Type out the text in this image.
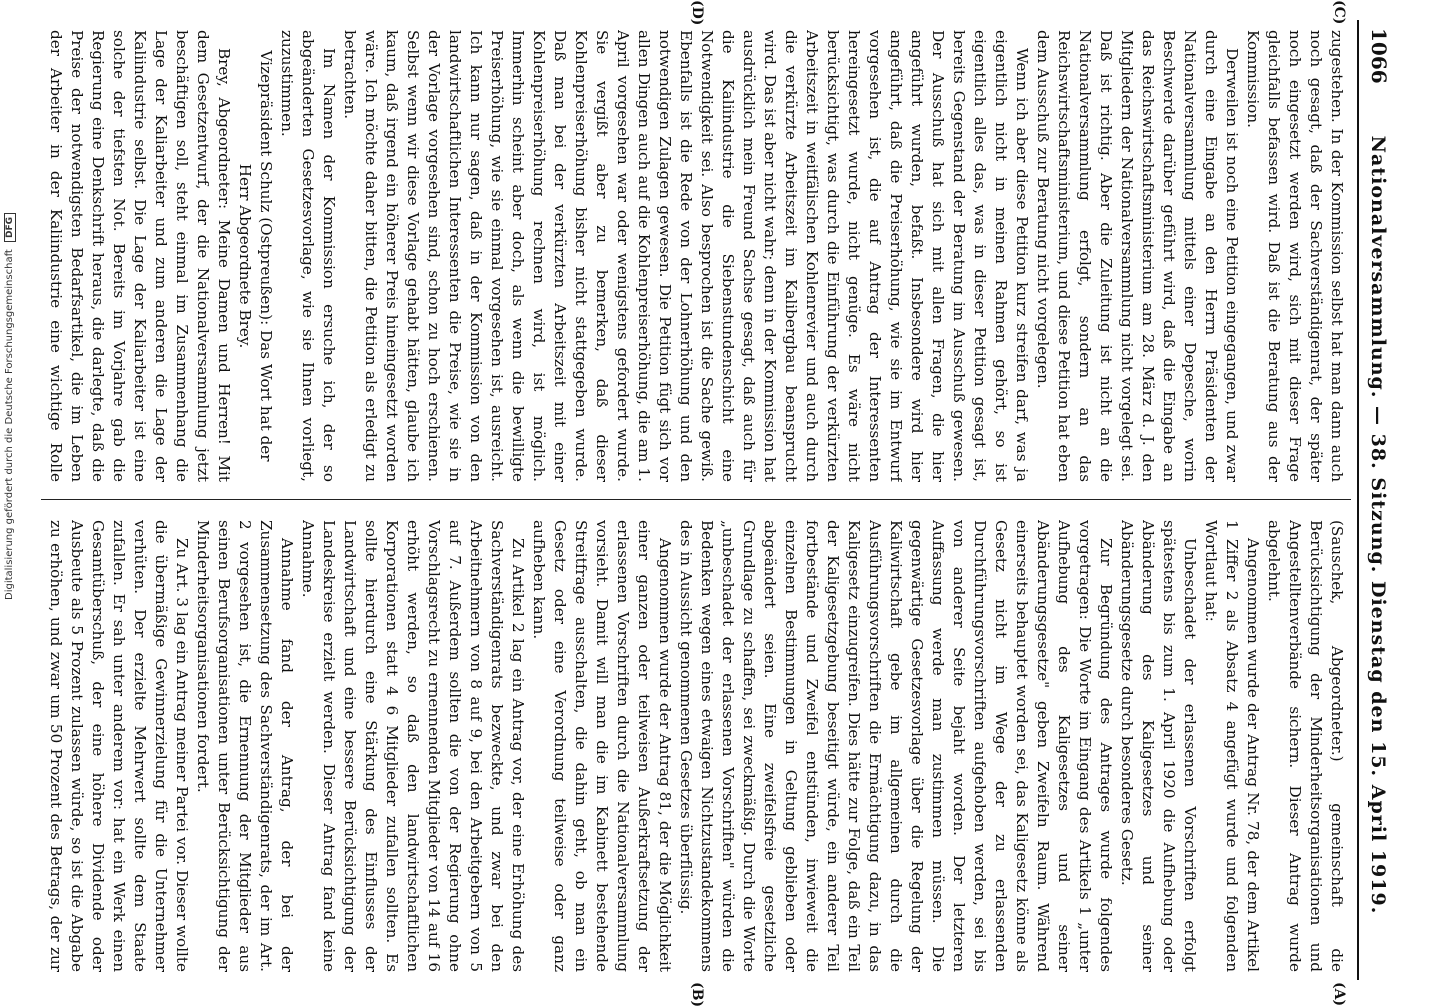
1066
Nationalversammlung. — 38. Sitzung. Dienstag den 15. April 1919.
(C)
(D)
(A)
(B)

zugestehen. In der Kommission selbst hat man dann auch noch gesagt, daß der Sachverständigenrat, der später noch eingesetzt werden wird, sich mit dieser Frage gleichfalls befassen wird. Daß ist die Beratung aus der Kommission.

Derweilen ist noch eine Petition eingegangen, und zwar durch eine Eingabe an den Herrn Präsidenten der Nationalversammlung mittels einer Depesche, worin Beschwerde darüber geführt wird, daß die Eingabe an das Reichswirtschaftsministerium am 28. März d. J. den Mitgliedern der Nationalversammlung nicht vorgelegt sei. Daß ist richtig. Aber die Zuleitung ist nicht an die Nationalversammlung erfolgt, sondern an das Reichswirtschaftsministerium, und diese Petition hat eben dem Ausschuß zur Beratung nicht vorgelegen.

Wenn ich aber diese Petition kurz streifen darf, was ja eigentlich nicht in meinen Rahmen gehört, so ist eigentlich alles das, was in dieser Petition gesagt ist, bereits Gegenstand der Beratung im Ausschuß gewesen. Der Ausschuß hat sich mit allen Fragen, die hier angeführt wurden, befaßt. Insbesondere wird hier angeführt, daß die Preiserhöhung, wie sie im Entwurf vorgesehen ist, die auf Antrag der Interessenten hereingesetzt wurde, nicht genüge. Es wäre nicht berücksichtigt, was durch die Einführung der verkürzten Arbeitszeit in weitfälischen Kohlenrevier und auch durch die verkürzte Arbeitszeit im Kalibergbau beansprucht wird. Das ist aber nicht wahr; denn in der Kommission hat ausdrücklich mein Freund Sachse gesagt, daß auch für die Kaliindustrie die Siebenstundenschicht eine Notwendigkeit sei. Also besprochen ist die Sache gewiß. Ebenfalls ist die Rede von der Lohnerhöhung und den notwendigen Zulagen gewesen. Die Petition fügt sich vor allen Dingen auch auf die Kohlenpreiserhöhung, die am 1. April vorgesehen war oder wenigstens gefordert wurde. Sie vergißt aber zu bemerken, daß dieser Kohlenpreiserhöhung bisher nicht stattgegeben wurde. Daß man bei der verkürzten Arbeitszeit mit einer Kohlenpreiserhöhung rechnen wird, ist möglich. Immerhin scheint aber doch, als wenn die bewilligte Preiserhöhung, wie sie einmal vorgesehen ist, ausreicht. Ich kann nur sagen, daß in der Kommission von den landwirtschaftlichen Interessenten die Preise, wie sie in der Vorlage vorgesehen sind, schon zu hoch erschienen. Selbst wenn wir diese Vorlage gehabt hätten, glaube ich kaum, daß irgend ein höherer Preis hineingesetzt worden wäre. Ich möchte daher bitten, die Petition als erledigt zu betrachten.

Im Namen der Kommission ersuche ich, der so abgeänderten Gesetzesvorlage, wie sie Ihnen vorliegt, zuzustimmen.

Vizepräsident Schulz (Ostpreußen): Das Wort hat der Herr Abgeordnete Brey.

Brey, Abgeordneter: Meine Damen und Herren! Mit dem Gesetzentwurf, der die Nationalversammlung jetzt beschäftigen soll, steht einmal im Zusammenhang die Lage der Kaliarbeiter und zum anderen die Lage der Kaliindustrie selbst. Die Lage der Kaliarbeiter ist eine solche der tiefsten Not. Bereits im Vorjahre gab die Regierung eine Denkschrift heraus, die darlegte, daß die Preise der notwendigsten Bedarfsartikel, die im Leben der Arbeiter in der Kaliindustrie eine wichtige Rolle

(Sauschek, Abgeordneter.) gemeinschaft die Berücksichtigung der Minderheitsorganisationen und Angestelltenverbände sichern. Dieser Antrag wurde abgelehnt.

Angenommen wurde der Antrag Nr. 78, der dem Artikel 1 Ziffer 2 als Absatz 4 angefügt wurde und folgenden Wortlaut hat:

Unbeschadet der erlassenen Vorschriften erfolgt spätestens bis zum 1. April 1920 die Aufhebung oder Abänderung des Kaligesetzes und seiner Abänderungsgesetze durch besonderes Gesetz.

Zur Begründung des Antrages wurde folgendes vorgetragen: Die Worte im Eingang des Artikels 1 „unter Aufhebung des Kaligesetzes und seiner Abänderungsgesetze" geben Zweifeln Raum. Während einerseits behauptet worden sei, das Kaligesetz könne als Gesetz nicht im Wege der zu erlassenden Durchführungsvorschriften aufgehoben werden, sei bis von anderer Seite bejaht worden. Der letzteren Auffassung werde man zustimmen müssen. Die gegenwärtige Gesetzesvorlage über die Regelung der Kaliwirtschaft gebe im allgemeinen durch die Ausführungsvorschriften die Ermächtigung dazu, in das Kaligesetz einzugreifen. Dies hätte zur Folge, daß ein Teil der Kaligesetzgebung beseitigt würde, ein anderer Teil fortbestände und Zweifel entstünden, inwieweit die einzelnen Bestimmungen in Geltung geblieben oder abgeändert seien. Eine zweifelsfreie gesetzliche Grundlage zu schaffen, sei zweckmäßig. Durch die Worte „unbeschadet der erlassenen Vorschriften" würden die Bedenken wegen eines etwaigen Nichtzustandekommens des in Aussicht genommenen Gesetzes überflüssig.

Angenommen wurde der Antrag 81, der die Möglichkeit einer ganzen oder teilweisen Außerkraftsetzung der erlassenen Vorschriften durch die Nationalversammlung vorsieht. Damit will man die im Kabinett bestehende Streitfrage ausschalten, die dahin geht, ob man ein Gesetz oder eine Verordnung teilweise oder ganz aufheben kann.

Zu Artikel 2 lag ein Antrag vor, der eine Erhöhung des Sachverständigenrats bezweckte, und zwar bei den Arbeitnehmern von 8 auf 9, bei den Arbeitgebern von 5 auf 7. Außerdem sollten die von der Regierung ohne Vorschlagsrecht zu ernennenden Mitglieder von 14 auf 16 erhöht werden, so daß den landwirtschaftlichen Korporationen statt 4 6 Mitglieder zufallen sollten. Es sollte hierdurch eine Stärkung des Einflusses der Landwirtschaft und eine bessere Berücksichtigung der Landeskreise erzielt werden. Dieser Antrag fand keine Annahme.

Annahme fand der Antrag, der bei der Zusammensetzung des Sachverständigenrats, der im Art. 2 vorgesehen ist, die Ernennung der Mitglieder aus seinen Berufsorganisationen unter Berücksichtigung der Minderheitsorganisationen fordert.

Zu Art. 3 lag ein Antrag meiner Partei vor. Dieser wollte die übermäßige Gewinnerzielung für die Unternehmer verhüten. Der erzielte Mehrwert sollte dem Staate zufallen. Er sah unter anderem vor: hat ein Werk einen Gesamtüberschuß, der eine höhere Dividende oder Ausbeute als 5 Prozent zulassen würde, so ist die Abgabe zu erhöhen, und zwar um 50 Prozent des Betrags, der zur

Digitalisierung gefördert durch die Deutsche Forschungsgemeinschaft DFG
